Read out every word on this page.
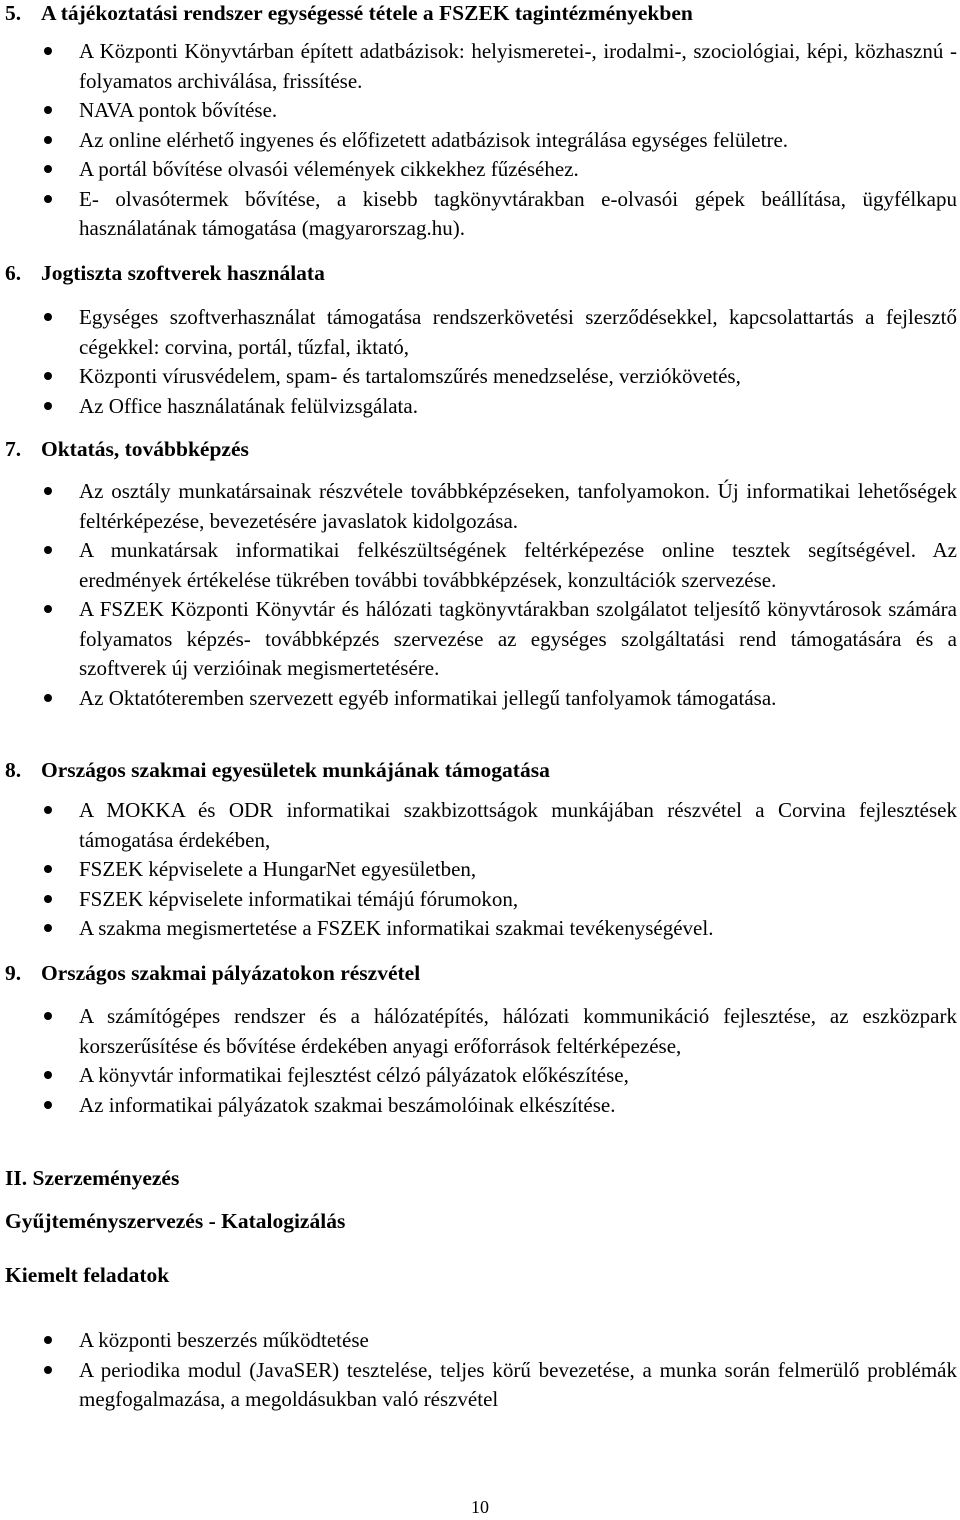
5. A tájékoztatási rendszer egységessé tétele a FSZEK tagintézményekben
A Központi Könyvtárban épített adatbázisok: helyismeretei-, irodalmi-, szociológiai, képi, közhasznú - folyamatos archiválása, frissítése.
NAVA pontok bővítése.
Az online elérhető ingyenes és előfizetett adatbázisok integrálása egységes felületre.
A portál bővítése olvasói vélemények cikkekhez fűzéséhez.
E- olvasótermek bővítése, a kisebb tagkönyvtárakban e-olvasói gépek beállítása, ügyfélkapu használatának támogatása (magyarorszag.hu).
6. Jogtiszta szoftverek használata
Egységes szoftverhasználat támogatása rendszerkövetési szerződésekkel, kapcsolattartás a fejlesztő cégekkel: corvina, portál, tűzfal, iktató,
Központi vírusvédelem, spam- és tartalomszűrés menedzselése, verziókövetés,
Az Office használatának felülvizsgálata.
7. Oktatás, továbbképzés
Az osztály munkatársainak részvétele továbbképzéseken, tanfolyamokon. Új informatikai lehetőségek feltérképezése, bevezetésére javaslatok kidolgozása.
A munkatársak informatikai felkészültségének feltérképezése online tesztek segítségével. Az eredmények értékelése tükrében további továbbképzések, konzultációk szervezése.
A FSZEK Központi Könyvtár és hálózati tagkönyvtárakban szolgálatot teljesítő könyvtárosok számára folyamatos képzés- továbbképzés szervezése az egységes szolgáltatási rend támogatására és a szoftverek új verzióinak megismertetésére.
Az Oktatóteremben szervezett egyéb informatikai jellegű tanfolyamok támogatása.
8. Országos szakmai egyesületek munkájának támogatása
A MOKKA és ODR informatikai szakbizottságok munkájában részvétel a Corvina fejlesztések támogatása érdekében,
FSZEK képviselete a HungarNet egyesületben,
FSZEK képviselete informatikai témájú fórumokon,
A szakma megismertetése a FSZEK informatikai szakmai tevékenységével.
9. Országos szakmai pályázatokon részvétel
A számítógépes rendszer és a hálózatépítés, hálózati kommunikáció fejlesztése, az eszközpark korszerűsítése és bővítése érdekében anyagi erőforrások feltérképezése,
A könyvtár informatikai fejlesztést célzó pályázatok előkészítése,
Az informatikai pályázatok szakmai beszámolóinak elkészítése.
II. Szerzeményezés
Gyűjteményszervezés - Katalogizálás
Kiemelt feladatok
A központi beszerzés működtetése
A periodika modul (JavaSER) tesztelése, teljes körű bevezetése, a munka során felmerülő problémák megfogalmazása, a megoldásukban való részvétel
10
